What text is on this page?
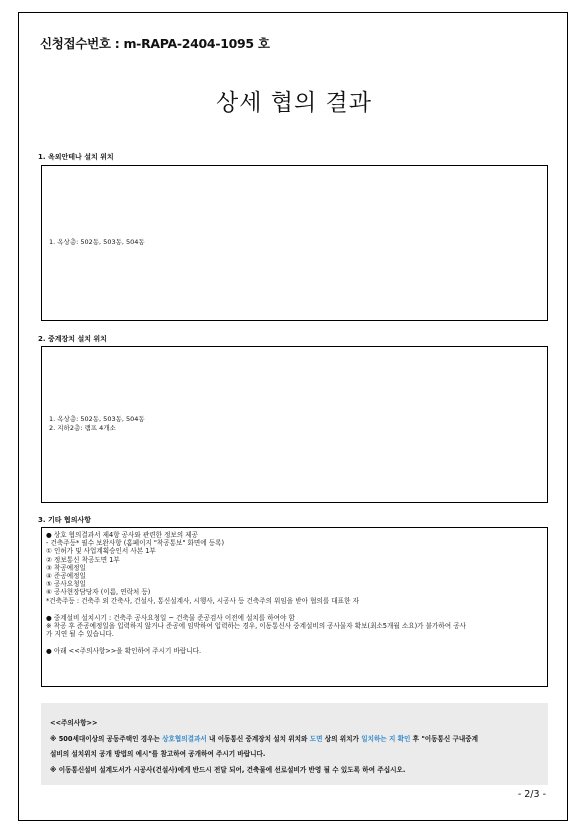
신청접수번호 : m-RAPA-2404-1095 호
상세 협의 결과
1. 옥외안테나 설치 위치
1. 옥상층: 502동, 503동, 504동
2. 중계장치 설치 위치
1. 옥상층: 502동, 503동, 504동
2. 지하2층: 램프 4개소
3. 기타 협의사항
● 상호 협의결과서 제4항 공사와 관련한 정보의 제공
- 건축주등* 필수 보완사항 (홈페이지 "착공통보" 화면에 등록)
① 인허가 및 사업계획승인서 사본 1부
② 정보통신 착공도면 1부
③ 착공예정일
④ 준공예정일
⑤ 공사요청일
⑥ 공사현장담당자 (이름, 연락처 등)
*건축주등 : 건축주 외 간축사, 건설사, 통신설계사, 시행사, 시공사 등 건축주의 위임을 받아 협의를 대표한 자
● 중계설비 설치시기 : 건축주 공사요청일 ~ 건축물 준공검사 이전에 설치를 하여야 함
※ 착공 후 준공예정일을 입력하지 않거나 준공에 임박하여 입력하는 경우, 이동통신사 중계설비의 공사물자 확보(최소5개월 소요)가 불가하여 공사
가 지연 될 수 있습니다.
● 아래 <<주의사항>>을 확인하여 주시기 바랍니다.
<<주의사항>>
※ 500세대이상의 공동주택인 경우는 상호협의결과서 내 이동통신 중계장치 설치 위치와 도면 상의 위치가 일치하는 지 확인 후 "이동통신 구내중계
설비의 설치위치 공개 방법의 예시"를 참고하여 공개하여 주시기 바랍니다.
※ 이동통신설비 설계도서가 시공사(건설사)에게 반드시 전달 되어, 건축물에 선로설비가 반영 될 수 있도록 하여 주십시오.
- 2/3 -
